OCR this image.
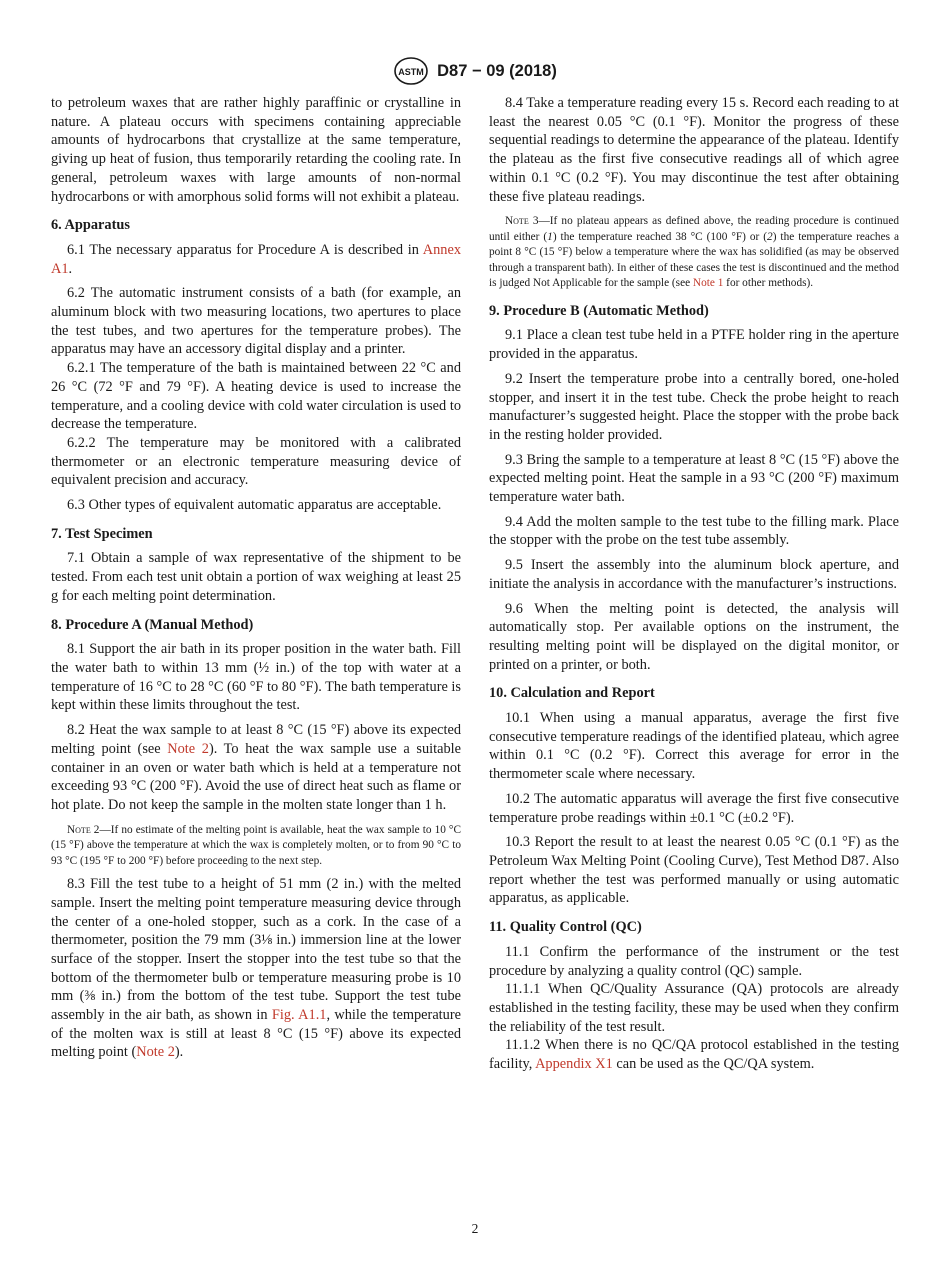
ASTM D87 − 09 (2018)

to petroleum waxes that are rather highly paraffinic or crystalline in nature. A plateau occurs with specimens containing appreciable amounts of hydrocarbons that crystallize at the same temperature, giving up heat of fusion, thus temporarily retarding the cooling rate. In general, petroleum waxes with large amounts of non-normal hydrocarbons or with amorphous solid forms will not exhibit a plateau.

6. Apparatus

6.1 The necessary apparatus for Procedure A is described in Annex A1.

6.2 The automatic instrument consists of a bath (for example, an aluminum block with two measuring locations, two apertures to place the test tubes, and two apertures for the temperature probes). The apparatus may have an accessory digital display and a printer.

6.2.1 The temperature of the bath is maintained between 22 °C and 26 °C (72 °F and 79 °F). A heating device is used to increase the temperature, and a cooling device with cold water circulation is used to decrease the temperature.

6.2.2 The temperature may be monitored with a calibrated thermometer or an electronic temperature measuring device of equivalent precision and accuracy.

6.3 Other types of equivalent automatic apparatus are acceptable.

7. Test Specimen

7.1 Obtain a sample of wax representative of the shipment to be tested. From each test unit obtain a portion of wax weighing at least 25 g for each melting point determination.

8. Procedure A (Manual Method)

8.1 Support the air bath in its proper position in the water bath. Fill the water bath to within 13 mm (½ in.) of the top with water at a temperature of 16 °C to 28 °C (60 °F to 80 °F). The bath temperature is kept within these limits throughout the test.

8.2 Heat the wax sample to at least 8 °C (15 °F) above its expected melting point (see Note 2). To heat the wax sample use a suitable container in an oven or water bath which is held at a temperature not exceeding 93 °C (200 °F). Avoid the use of direct heat such as flame or hot plate. Do not keep the sample in the molten state longer than 1 h.

Note 2—If no estimate of the melting point is available, heat the wax sample to 10 °C (15 °F) above the temperature at which the wax is completely molten, or to from 90 °C to 93 °C (195 °F to 200 °F) before proceeding to the next step.

8.3 Fill the test tube to a height of 51 mm (2 in.) with the melted sample. Insert the melting point temperature measuring device through the center of a one-holed stopper, such as a cork. In the case of a thermometer, position the 79 mm (3⅛ in.) immersion line at the lower surface of the stopper. Insert the stopper into the test tube so that the bottom of the thermometer bulb or temperature measuring probe is 10 mm (⅜ in.) from the bottom of the test tube. Support the test tube assembly in the air bath, as shown in Fig. A1.1, while the temperature of the molten wax is still at least 8 °C (15 °F) above its expected melting point (Note 2).

8.4 Take a temperature reading every 15 s. Record each reading to at least the nearest 0.05 °C (0.1 °F). Monitor the progress of these sequential readings to determine the appearance of the plateau. Identify the plateau as the first five consecutive readings all of which agree within 0.1 °C (0.2 °F). You may discontinue the test after obtaining these five plateau readings.

Note 3—If no plateau appears as defined above, the reading procedure is continued until either (1) the temperature reached 38 °C (100 °F) or (2) the temperature reaches a point 8 °C (15 °F) below a temperature where the wax has solidified (as may be observed through a transparent bath). In either of these cases the test is discontinued and the method is judged Not Applicable for the sample (see Note 1 for other methods).
9. Procedure B (Automatic Method)

9.1 Place a clean test tube held in a PTFE holder ring in the aperture provided in the apparatus.

9.2 Insert the temperature probe into a centrally bored, one-holed stopper, and insert it in the test tube. Check the probe height to reach manufacturer’s suggested height. Place the stopper with the probe back in the resting holder provided.

9.3 Bring the sample to a temperature at least 8 °C (15 °F) above the expected melting point. Heat the sample in a 93 °C (200 °F) maximum temperature water bath.

9.4 Add the molten sample to the test tube to the filling mark. Place the stopper with the probe on the test tube assembly.

9.5 Insert the assembly into the aluminum block aperture, and initiate the analysis in accordance with the manufacturer’s instructions.

9.6 When the melting point is detected, the analysis will automatically stop. Per available options on the instrument, the resulting melting point will be displayed on the digital monitor, or printed on a printer, or both.

10. Calculation and Report

10.1 When using a manual apparatus, average the first five consecutive temperature readings of the identified plateau, which agree within 0.1 °C (0.2 °F). Correct this average for error in the thermometer scale where necessary.

10.2 The automatic apparatus will average the first five consecutive temperature probe readings within ±0.1 °C (±0.2 °F).

10.3 Report the result to at least the nearest 0.05 °C (0.1 °F) as the Petroleum Wax Melting Point (Cooling Curve), Test Method D87. Also report whether the test was performed manually or using automatic apparatus, as applicable.

11. Quality Control (QC)

11.1 Confirm the performance of the instrument or the test procedure by analyzing a quality control (QC) sample.

11.1.1 When QC/Quality Assurance (QA) protocols are already established in the testing facility, these may be used when they confirm the reliability of the test result.

11.1.2 When there is no QC/QA protocol established in the testing facility, Appendix X1 can be used as the QC/QA system.

2
